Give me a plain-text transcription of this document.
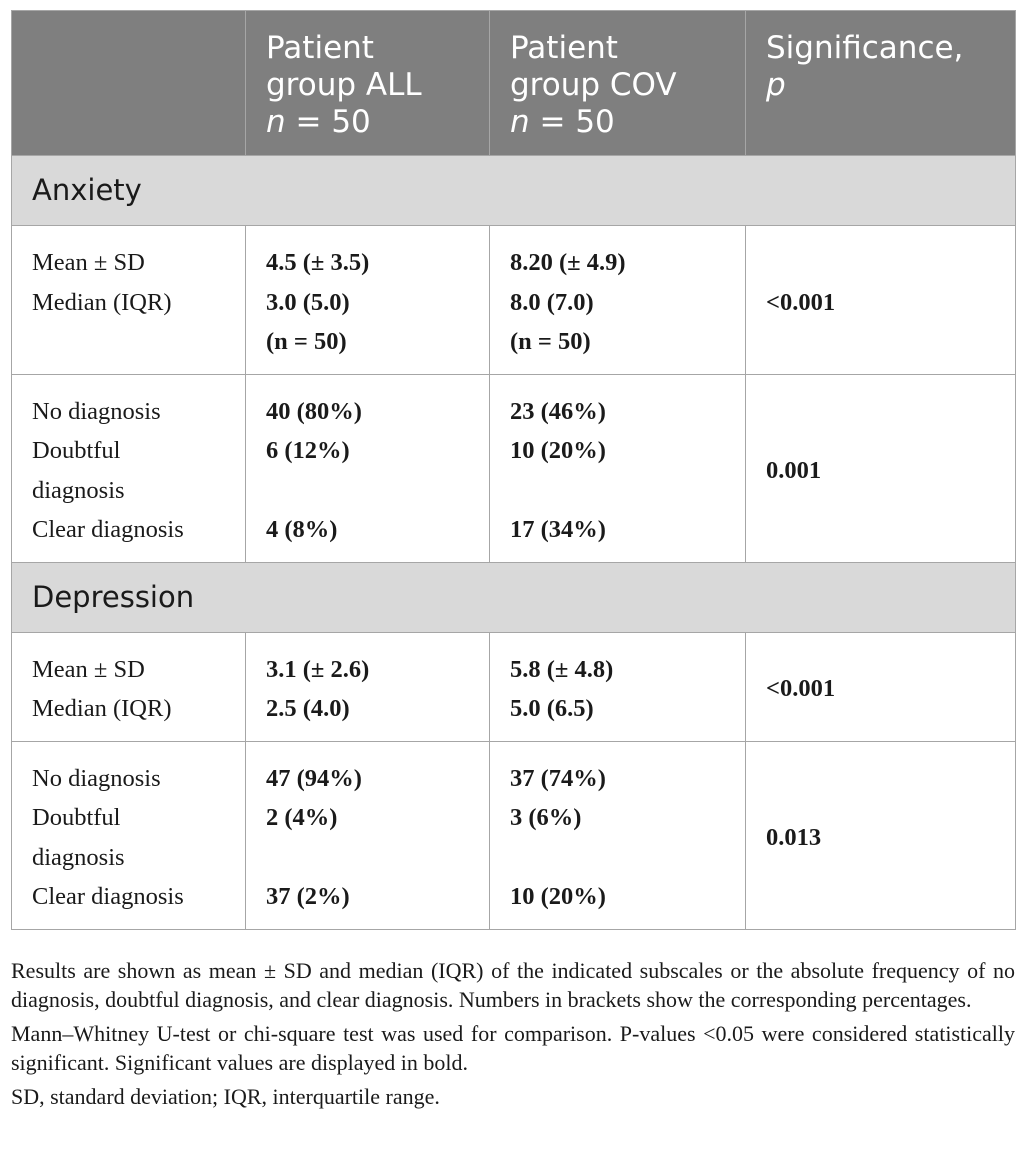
	Patient
group ALL
n = 50	Patient
group COV
n = 50	Significance,
p

Anxiety			

Mean ± SD
Median (IQR)	4.5 (± 3.5)
3.0 (5.0)
(n = 50)	8.20 (± 4.9)
8.0 (7.0)
(n = 50)	<0.001

No diagnosis
Doubtful
diagnosis
Clear diagnosis	40 (80%)
6 (12%)
4 (8%)	23 (46%)
10 (20%)
17 (34%)	0.001
Depression			

Mean ± SD
Median (IQR)	3.1 (± 2.6)
2.5 (4.0)	5.8 (± 4.8)
5.0 (6.5)	<0.001

No diagnosis
Doubtful
diagnosis
Clear diagnosis	47 (94%)
2 (4%)
37 (2%)	37 (74%)
3 (6%)
10 (20%)	0.013

Results are shown as mean ± SD and median (IQR) of the indicated subscales or the absolute frequency of no diagnosis, doubtful diagnosis, and clear diagnosis. Numbers in brackets show the corresponding percentages.

Mann–Whitney U-test or chi-square test was used for comparison. P-values <0.05 were considered statistically significant. Significant values are displayed in bold.

SD, standard deviation; IQR, interquartile range.
